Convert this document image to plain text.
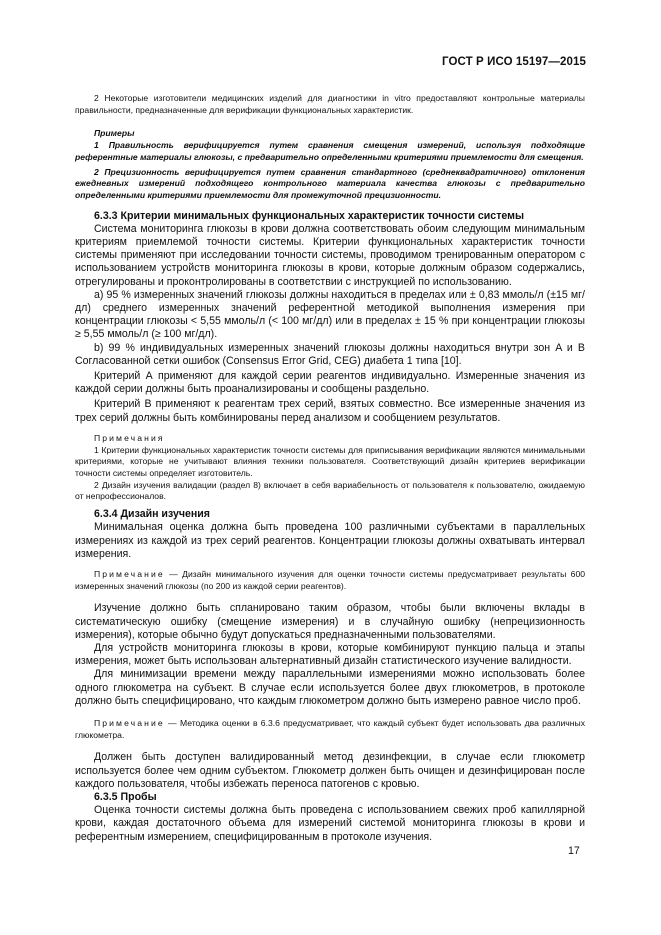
ГОСТ Р ИСО 15197—2015

2 Некоторые изготовители медицинских изделий для диагностики in vitro предоставляют контрольные материалы правильности, предназначенные для верификации функциональных характеристик.

Примеры

1 Правильность верифицируется путем сравнения смещения измерений, используя подходящие референтные материалы глюкозы, с предварительно определенными критериями приемлемости для смещения.

2 Прецизионность верифицируется путем сравнения стандартного (среднеквадратичного) отклонения ежедневных измерений подходящего контрольного материала качества глюкозы с предварительно определенными критериями приемлемости для промежуточной прецизионности.

6.3.3 Критерии минимальных функциональных характеристик точности системы

Система мониторинга глюкозы в крови должна соответствовать обоим следующим минимальным критериям приемлемой точности системы. Критерии функциональных характеристик точности системы применяют при исследовании точности системы, проводимом тренированным оператором с использованием устройств мониторинга глюкозы в крови, которые должным образом содержались, отрегулированы и проконтролированы в соответствии с инструкцией по использованию.

а) 95 % измеренных значений глюкозы должны находиться в пределах или ± 0,83 ммоль/л (±15 мг/дл) среднего измеренных значений референтной методикой выполнения измерения при концентрации глюкозы < 5,55 ммоль/л (< 100 мг/дл) или в пределах ± 15 % при концентрации глюкозы ≥ 5,55 ммоль/л (≥ 100 мг/дл).

b) 99 % индивидуальных измеренных значений глюкозы должны находиться внутри зон A и B Согласованной сетки ошибок (Consensus Error Grid, CEG) диабета 1 типа [10].

Критерий А применяют для каждой серии реагентов индивидуально. Измеренные значения из каждой серии должны быть проанализированы и сообщены раздельно.

Критерий B применяют к реагентам трех серий, взятых совместно. Все измеренные значения из трех серий должны быть комбинированы перед анализом и сообщением результатов.

Примечания

1 Критерии функциональных характеристик точности системы для приписывания верификации являются минимальными критериями, которые не учитывают влияния техники пользователя. Соответствующий дизайн критериев верификации точности системы определяет изготовитель.

2 Дизайн изучения валидации (раздел 8) включает в себя вариабельность от пользователя к пользователю, ожидаемую от непрофессионалов.

6.3.4 Дизайн изучения

Минимальная оценка должна быть проведена 100 различными субъектами в параллельных измерениях из каждой из трех серий реагентов. Концентрации глюкозы должны охватывать интервал измерения.

Примечание — Дизайн минимального изучения для оценки точности системы предусматривает результаты 600 измеренных значений глюкозы (по 200 из каждой серии реагентов).

Изучение должно быть спланировано таким образом, чтобы были включены вклады в систематическую ошибку (смещение измерения) и в случайную ошибку (непрецизионность измерения), которые обычно будут допускаться предназначенными пользователями.

Для устройств мониторинга глюкозы в крови, которые комбинируют пункцию пальца и этапы измерения, может быть использован альтернативный дизайн статистического изучение валидности.

Для минимизации времени между параллельными измерениями можно использовать более одного глюкометра на субъект. В случае если используется более двух глюкометров, в протоколе должно быть специфицировано, что каждым глюкометром должно быть измерено равное число проб.

Примечание — Методика оценки в 6.3.6 предусматривает, что каждый субъект будет использовать два различных глюкометра.

Должен быть доступен валидированный метод дезинфекции, в случае если глюкометр используется более чем одним субъектом. Глюкометр должен быть очищен и дезинфицирован после каждого пользователя, чтобы избежать переноса патогенов с кровью.

6.3.5 Пробы

Оценка точности системы должна быть проведена с использованием свежих проб капиллярной крови, каждая достаточного объема для измерений системой мониторинга глюкозы в крови и референтным измерением, специфицированным в протоколе изучения.

17
